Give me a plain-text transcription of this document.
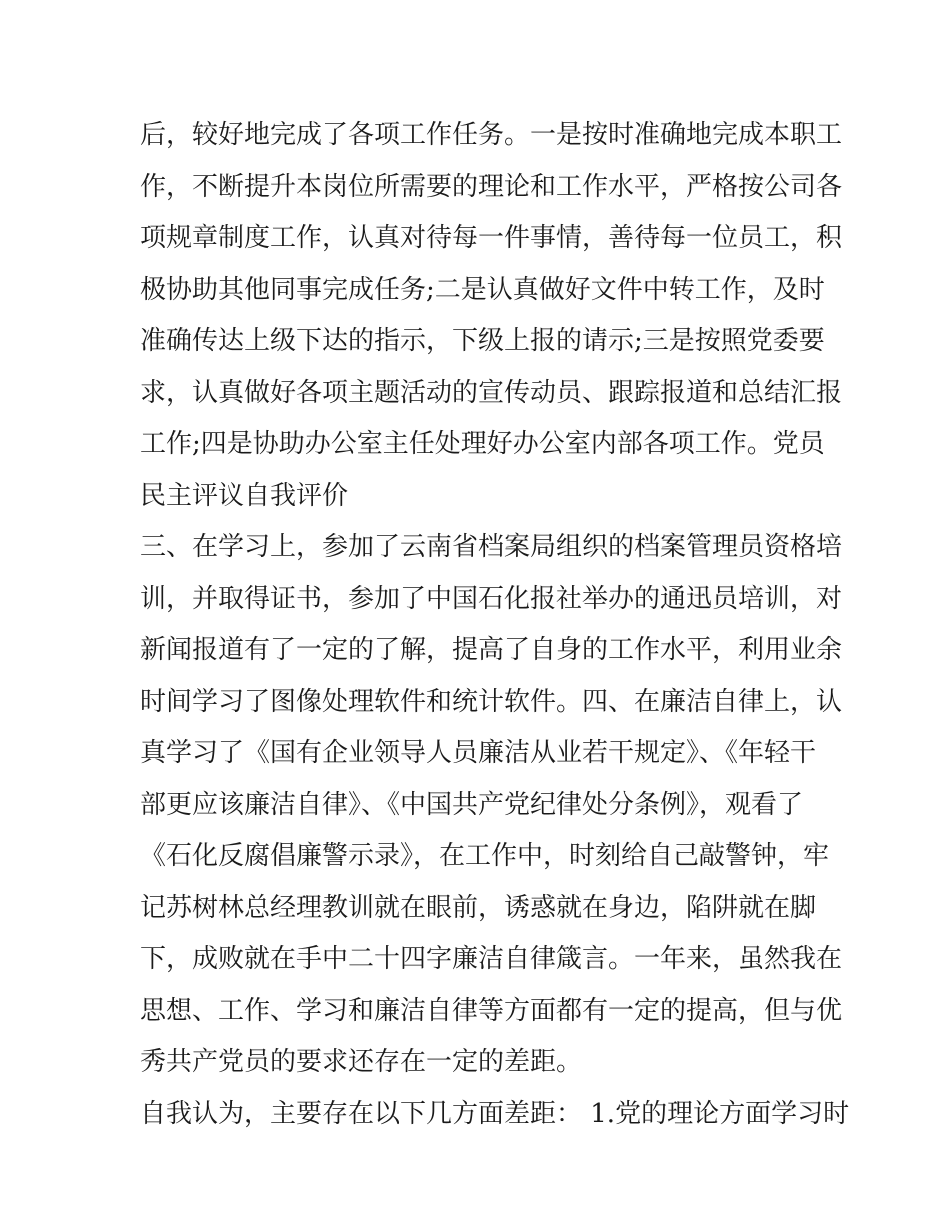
后，较好地完成了各项工作任务。一是按时准确地完成本职工
作，不断提升本岗位所需要的理论和工作水平，严格按公司各
项规章制度工作，认真对待每一件事情，善待每一位员工，积
极协助其他同事完成任务;二是认真做好文件中转工作，及时
准确传达上级下达的指示，下级上报的请示;三是按照党委要
求，认真做好各项主题活动的宣传动员、跟踪报道和总结汇报
工作;四是协助办公室主任处理好办公室内部各项工作。党员
民主评议自我评价
三、在学习上，参加了云南省档案局组织的档案管理员资格培
训，并取得证书，参加了中国石化报社举办的通迅员培训，对
新闻报道有了一定的了解，提高了自身的工作水平，利用业余
时间学习了图像处理软件和统计软件。四、在廉洁自律上，认
真学习了《国有企业领导人员廉洁从业若干规定》、《年轻干
部更应该廉洁自律》、《中国共产党纪律处分条例》，观看了
《石化反腐倡廉警示录》，在工作中，时刻给自己敲警钟，牢
记苏树林总经理教训就在眼前，诱惑就在身边，陷阱就在脚
下，成败就在手中二十四字廉洁自律箴言。一年来，虽然我在
思想、工作、学习和廉洁自律等方面都有一定的提高，但与优
秀共产党员的要求还存在一定的差距。
自我认为，主要存在以下几方面差距： 1.党的理论方面学习时
